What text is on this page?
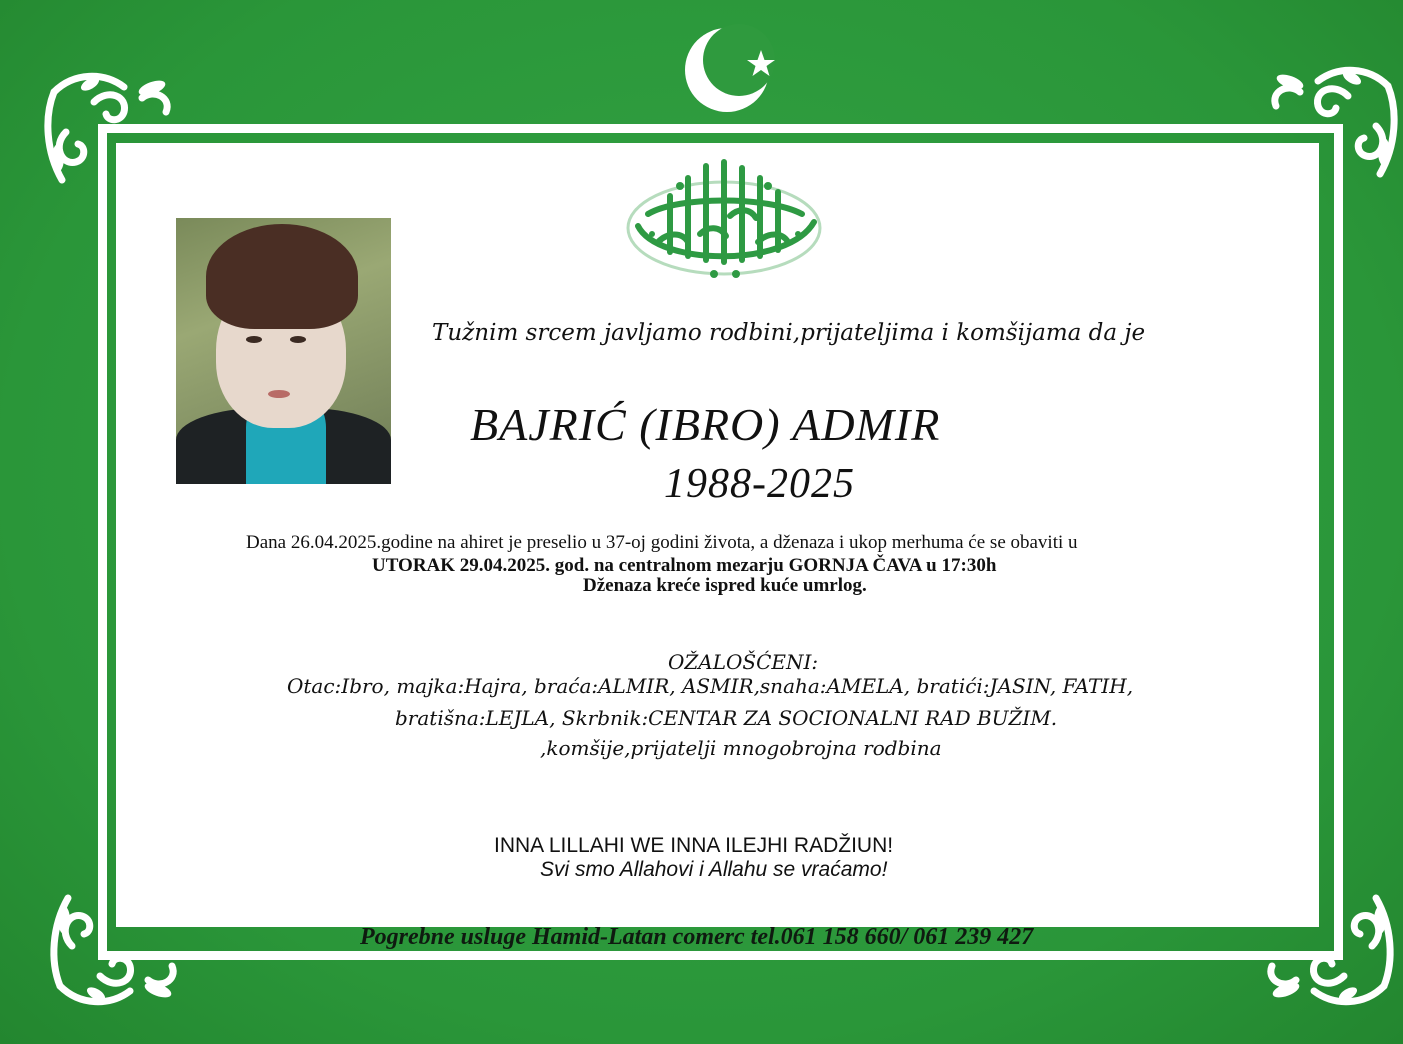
Tužnim srcem javljamo rodbini,prijateljima i komšijama da je
BAJRIĆ (IBRO) ADMIR
1988-2025
Dana 26.04.2025.godine na ahiret je preselio u 37-oj godini života, a dženaza i ukop merhuma će se obaviti u
UTORAK 29.04.2025. god. na centralnom mezarju GORNJA ČAVA u 17:30h
Dženaza kreće ispred kuće umrlog.
OŽALOŠĆENI:
Otac:Ibro, majka:Hajra, braća:ALMIR, ASMIR,snaha:AMELA, bratići:JASIN, FATIH,
bratišna:LEJLA, Skrbnik:CENTAR ZA SOCIONALNI RAD BUŽIM.
,komšije,prijatelji mnogobrojna rodbina
INNA LILLAHI WE INNA ILEJHI RADŽIUN!
Svi smo Allahovi i Allahu se vraćamo!
Pogrebne usluge Hamid-Latan comerc tel.061 158 660/ 061 239 427
